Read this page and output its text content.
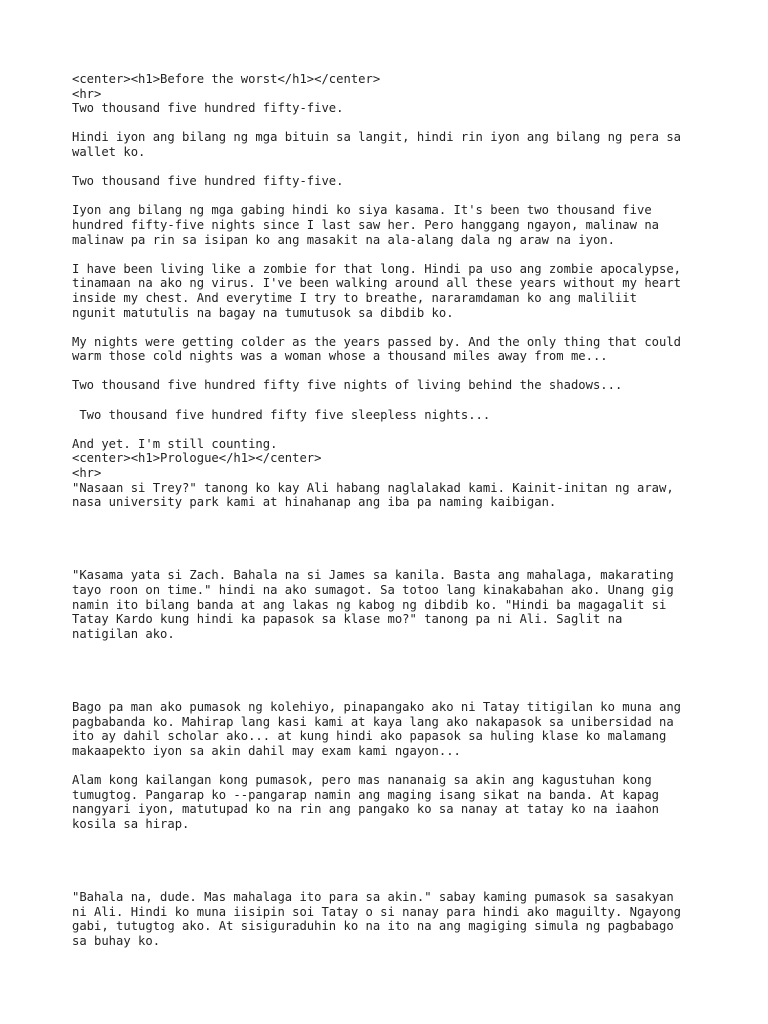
<center><h1>Before the worst</h1></center>
<hr>
Two thousand five hundred fifty-five.
Hindi iyon ang bilang ng mga bituin sa langit, hindi rin iyon ang bilang ng pera sa
wallet ko.
Two thousand five hundred fifty-five.
Iyon ang bilang ng mga gabing hindi ko siya kasama. It's been two thousand five
hundred fifty-five nights since I last saw her. Pero hanggang ngayon, malinaw na
malinaw pa rin sa isipan ko ang masakit na ala-alang dala ng araw na iyon.
I have been living like a zombie for that long. Hindi pa uso ang zombie apocalypse,
tinamaan na ako ng virus. I've been walking around all these years without my heart
inside my chest. And everytime I try to breathe, nararamdaman ko ang maliliit
ngunit matutulis na bagay na tumutusok sa dibdib ko.
My nights were getting colder as the years passed by. And the only thing that could
warm those cold nights was a woman whose a thousand miles away from me...
Two thousand five hundred fifty five nights of living behind the shadows...
Two thousand five hundred fifty five sleepless nights...
And yet. I'm still counting.
<center><h1>Prologue</h1></center>
<hr>
"Nasaan si Trey?" tanong ko kay Ali habang naglalakad kami. Kainit-initan ng araw,
nasa university park kami at hinahanap ang iba pa naming kaibigan.
"Kasama yata si Zach. Bahala na si James sa kanila. Basta ang mahalaga, makarating
tayo roon on time." hindi na ako sumagot. Sa totoo lang kinakabahan ako. Unang gig
namin ito bilang banda at ang lakas ng kabog ng dibdib ko. "Hindi ba magagalit si
Tatay Kardo kung hindi ka papasok sa klase mo?" tanong pa ni Ali. Saglit na
natigilan ako.
Bago pa man ako pumasok ng kolehiyo, pinapangako ako ni Tatay titigilan ko muna ang
pagbabanda ko. Mahirap lang kasi kami at kaya lang ako nakapasok sa unibersidad na
ito ay dahil scholar ako... at kung hindi ako papasok sa huling klase ko malamang
makaapekto iyon sa akin dahil may exam kami ngayon...
Alam kong kailangan kong pumasok, pero mas nananaig sa akin ang kagustuhan kong
tumugtog. Pangarap ko --pangarap namin ang maging isang sikat na banda. At kapag
nangyari iyon, matutupad ko na rin ang pangako ko sa nanay at tatay ko na iaahon
kosila sa hirap.
"Bahala na, dude. Mas mahalaga ito para sa akin." sabay kaming pumasok sa sasakyan
ni Ali. Hindi ko muna iisipin soi Tatay o si nanay para hindi ako maguilty. Ngayong
gabi, tutugtog ako. At sisiguraduhin ko na ito na ang magiging simula ng pagbabago
sa buhay ko.
